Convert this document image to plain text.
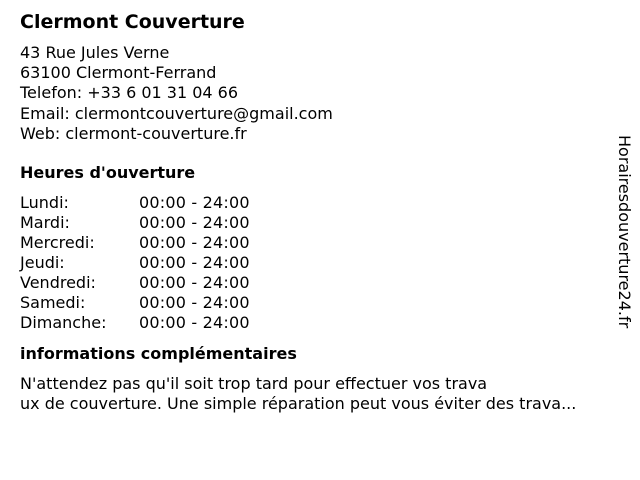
Clermont Couverture
43 Rue Jules Verne
63100 Clermont-Ferrand
Telefon: +33 6 01 31 04 66
Email: clermontcouverture@gmail.com
Web: clermont-couverture.fr
Heures d'ouverture
Lundi:	00:00 - 24:00
Mardi:	00:00 - 24:00
Mercredi:	00:00 - 24:00
Jeudi:	00:00 - 24:00
Vendredi:	00:00 - 24:00
Samedi:	00:00 - 24:00
Dimanche:	00:00 - 24:00
informations complémentaires
N'attendez pas qu'il soit trop tard pour effectuer vos trava
ux de couverture. Une simple réparation peut vous éviter des trava...
Horairesdouverture24.fr
